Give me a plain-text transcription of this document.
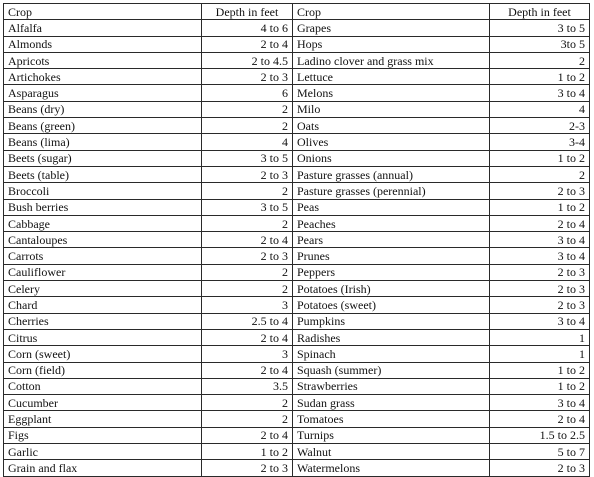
Crop	Depth in feet	Crop	Depth in feet
Alfalfa	4 to 6	Grapes	3 to 5
Almonds	2 to 4	Hops	3to 5
Apricots	2 to 4.5	Ladino clover and grass mix	2
Artichokes	2 to 3	Lettuce	1 to 2
Asparagus	6	Melons	3 to 4
Beans (dry)	2	Milo	4
Beans (green)	2	Oats	2-3
Beans (lima)	4	Olives	3-4
Beets (sugar)	3 to 5	Onions	1 to 2
Beets (table)	2 to 3	Pasture grasses (annual)	2
Broccoli	2	Pasture grasses (perennial)	2 to 3
Bush berries	3 to 5	Peas	1 to 2
Cabbage	2	Peaches	2 to 4
Cantaloupes	2 to 4	Pears	3 to 4
Carrots	2 to 3	Prunes	3 to 4
Cauliflower	2	Peppers	2 to 3
Celery	2	Potatoes (Irish)	2 to 3
Chard	3	Potatoes (sweet)	2 to 3
Cherries	2.5 to 4	Pumpkins	3 to 4
Citrus	2 to 4	Radishes	1
Corn (sweet)	3	Spinach	1
Corn (field)	2 to 4	Squash (summer)	1 to 2
Cotton	3.5	Strawberries	1 to 2
Cucumber	2	Sudan grass	3 to 4
Eggplant	2	Tomatoes	2 to 4
Figs	2 to 4	Turnips	1.5 to 2.5
Garlic	1 to 2	Walnut	5 to 7
Grain and flax	2 to 3	Watermelons	2 to 3
